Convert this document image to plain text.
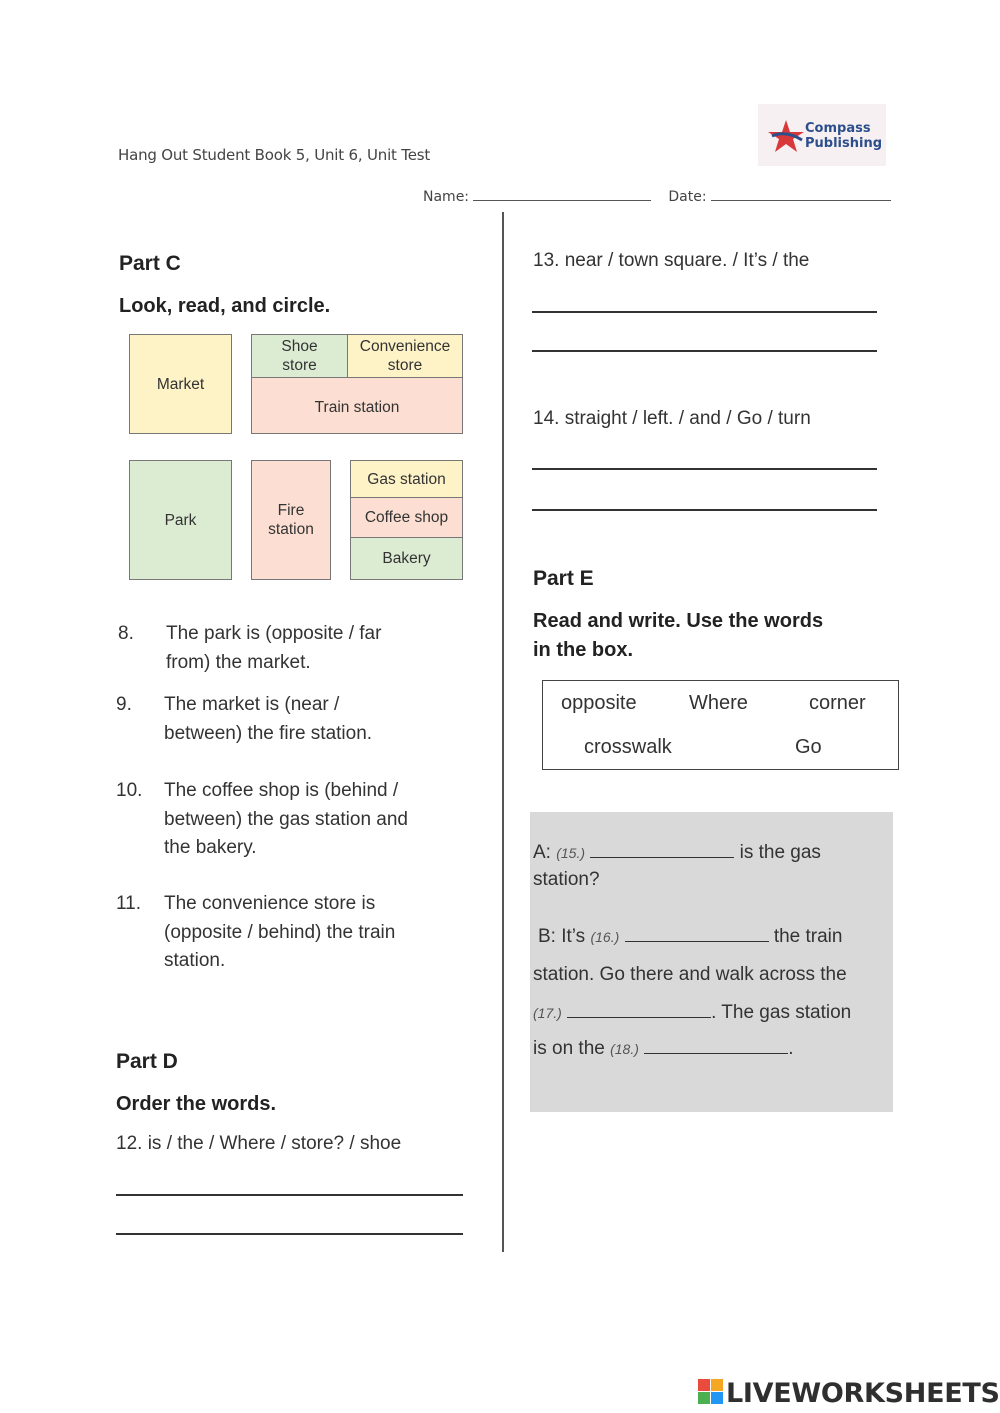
Hang Out Student Book 5, Unit 6, Unit Test
Compass
Publishing
Name:	Date:
Part C
Look, read, and circle.
Market
Shoe store
Convenience store
Train station
Park
Fire station
Gas station
Coffee shop
Bakery
8. The park is (opposite / far
from) the market.
9. The market is (near /
between) the fire station.
10. The coffee shop is (behind /
between) the gas station and
the bakery.
11. The convenience store is
(opposite / behind) the train
station.
Part D
Order the words.
12. is / the / Where / store? / shoe
13. near / town square. / It’s / the
14. straight / left. / and / Go / turn
Part E
Read and write. Use the words
in the box.
opposite	Where	corner
crosswalk	Go
A: (15.)	is the gas
station?
B: It’s (16.)	the train
station. Go there and walk across the
(17.)	. The gas station
is on the (18.)	.
LIVEWORKSHEETS
